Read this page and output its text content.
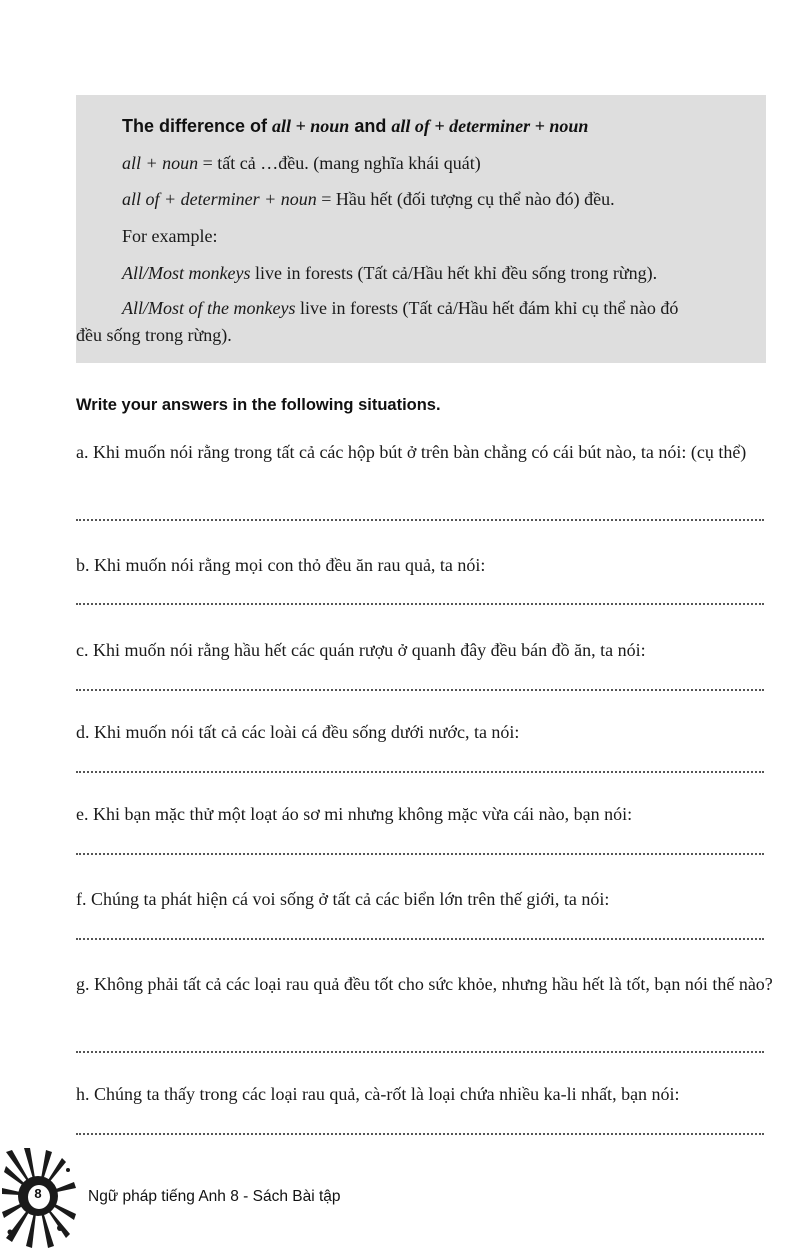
The difference of all + noun and all of + determiner + noun
all + noun = tất cả …đều. (mang nghĩa khái quát)
all of + determiner + noun = Hầu hết (đối tượng cụ thể nào đó) đều.
For example:
All/Most monkeys live in forests (Tất cả/Hầu hết khỉ đều sống trong rừng).
All/Most of the monkeys live in forests (Tất cả/Hầu hết đám khỉ cụ thể nào đó
đều sống trong rừng).
Write your answers in the following situations.
a. Khi muốn nói rằng trong tất cả các hộp bút ở trên bàn chẳng có cái bút nào, ta nói: (cụ thể)
b. Khi muốn nói rằng mọi con thỏ đều ăn rau quả, ta nói:
c. Khi muốn nói rằng hầu hết các quán rượu ở quanh đây đều bán đồ ăn, ta nói:
d. Khi muốn nói tất cả các loài cá đều sống dưới nước, ta nói:
e. Khi bạn mặc thử một loạt áo sơ mi nhưng không mặc vừa cái nào, bạn nói:
f. Chúng ta phát hiện cá voi sống ở tất cả các biển lớn trên thế giới, ta nói:
g. Không phải tất cả các loại rau quả đều tốt cho sức khỏe, nhưng hầu hết là tốt, bạn nói thế nào?
h. Chúng ta thấy trong các loại rau quả, cà-rốt là loại chứa nhiều ka-li nhất, bạn nói:
8	Ngữ pháp tiếng Anh 8 - Sách Bài tập
